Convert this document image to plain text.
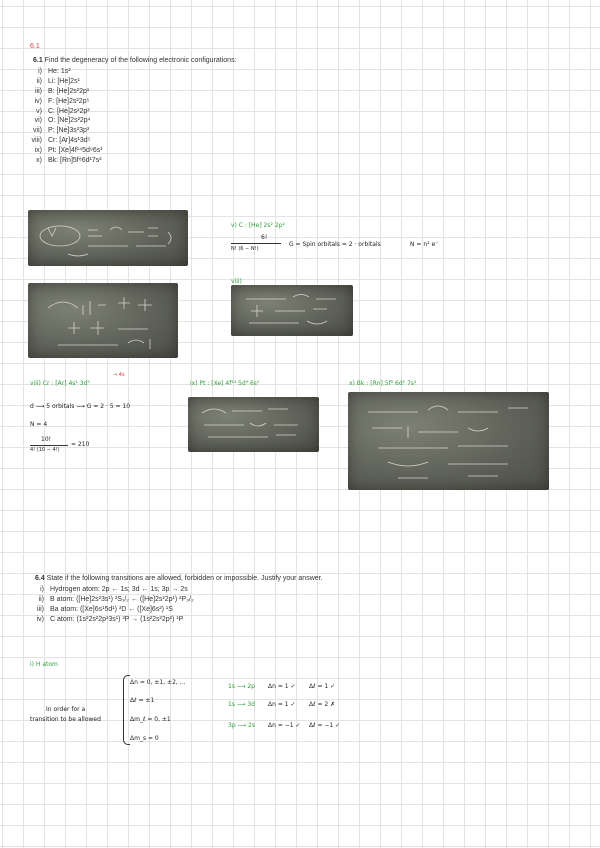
6.1
6.1 Find the degeneracy of the following electronic configurations:
i) He: 1s²
ii) Li: [He]2s¹
iii) B: [He]2s²2p¹
iv) F: [He]2s²2p⁵
v) C: [He]2s²2p²
vi) O: [Ne]2s²2p⁴
vii) P: [Ne]3s²3p³
viii) Cr: [Ar]4s¹3d⁵
ix) Pt: [Xe]4f¹⁴5d⁹6s¹
x) Bk: [Rn]5f⁸6d¹7s²
v) C : [He] 2s² 2p²
6!
N! (6 − N!)
G = Spin orbitals = 2 · orbitals	N = n² e⁻
viii)
viii) Cr : [Ar] 4s¹ 3d⁵
→ 4s
d ⟶ 5 orbitals ⟶ G = 2 · 5 = 10
N = 4
10!
4! (10 − 4!)
= 210
ix) Pt : [Xe] 4f¹⁴ 5d⁹ 6s¹	x) Bk : [Rn] 5f⁸ 6d¹ 7s²
6.4 State if the following transitions are allowed, forbidden or impossible. Justify your answer.
i) Hydrogen atom: 2p ← 1s; 3d ← 1s; 3p → 2s
ii) B atom: ([He]2s²3s¹) ²S₁/₂ ← ([He]2s²2p¹) ²P₃/₂
iii) Ba atom: ([Xe]6s¹5d¹) ³D ← ([Xe]6s²) ¹S
iv) C atom: (1s²2s²2p¹3s¹) ³P → (1s²2s²2p²) ¹P
i) H atom
In order for a
transition to be allowed
Δn = 0, ±1, ±2, ...
Δℓ = ±1
Δm_ℓ = 0, ±1
Δm_s = 0
1s ⟶ 2p Δn = 1 ✓ Δℓ = 1 ✓
1s ⟶ 3d Δn = 1 ✓ Δℓ = 2 ✗
3p ⟶ 2s Δn = −1 ✓ Δℓ = −1 ✓
